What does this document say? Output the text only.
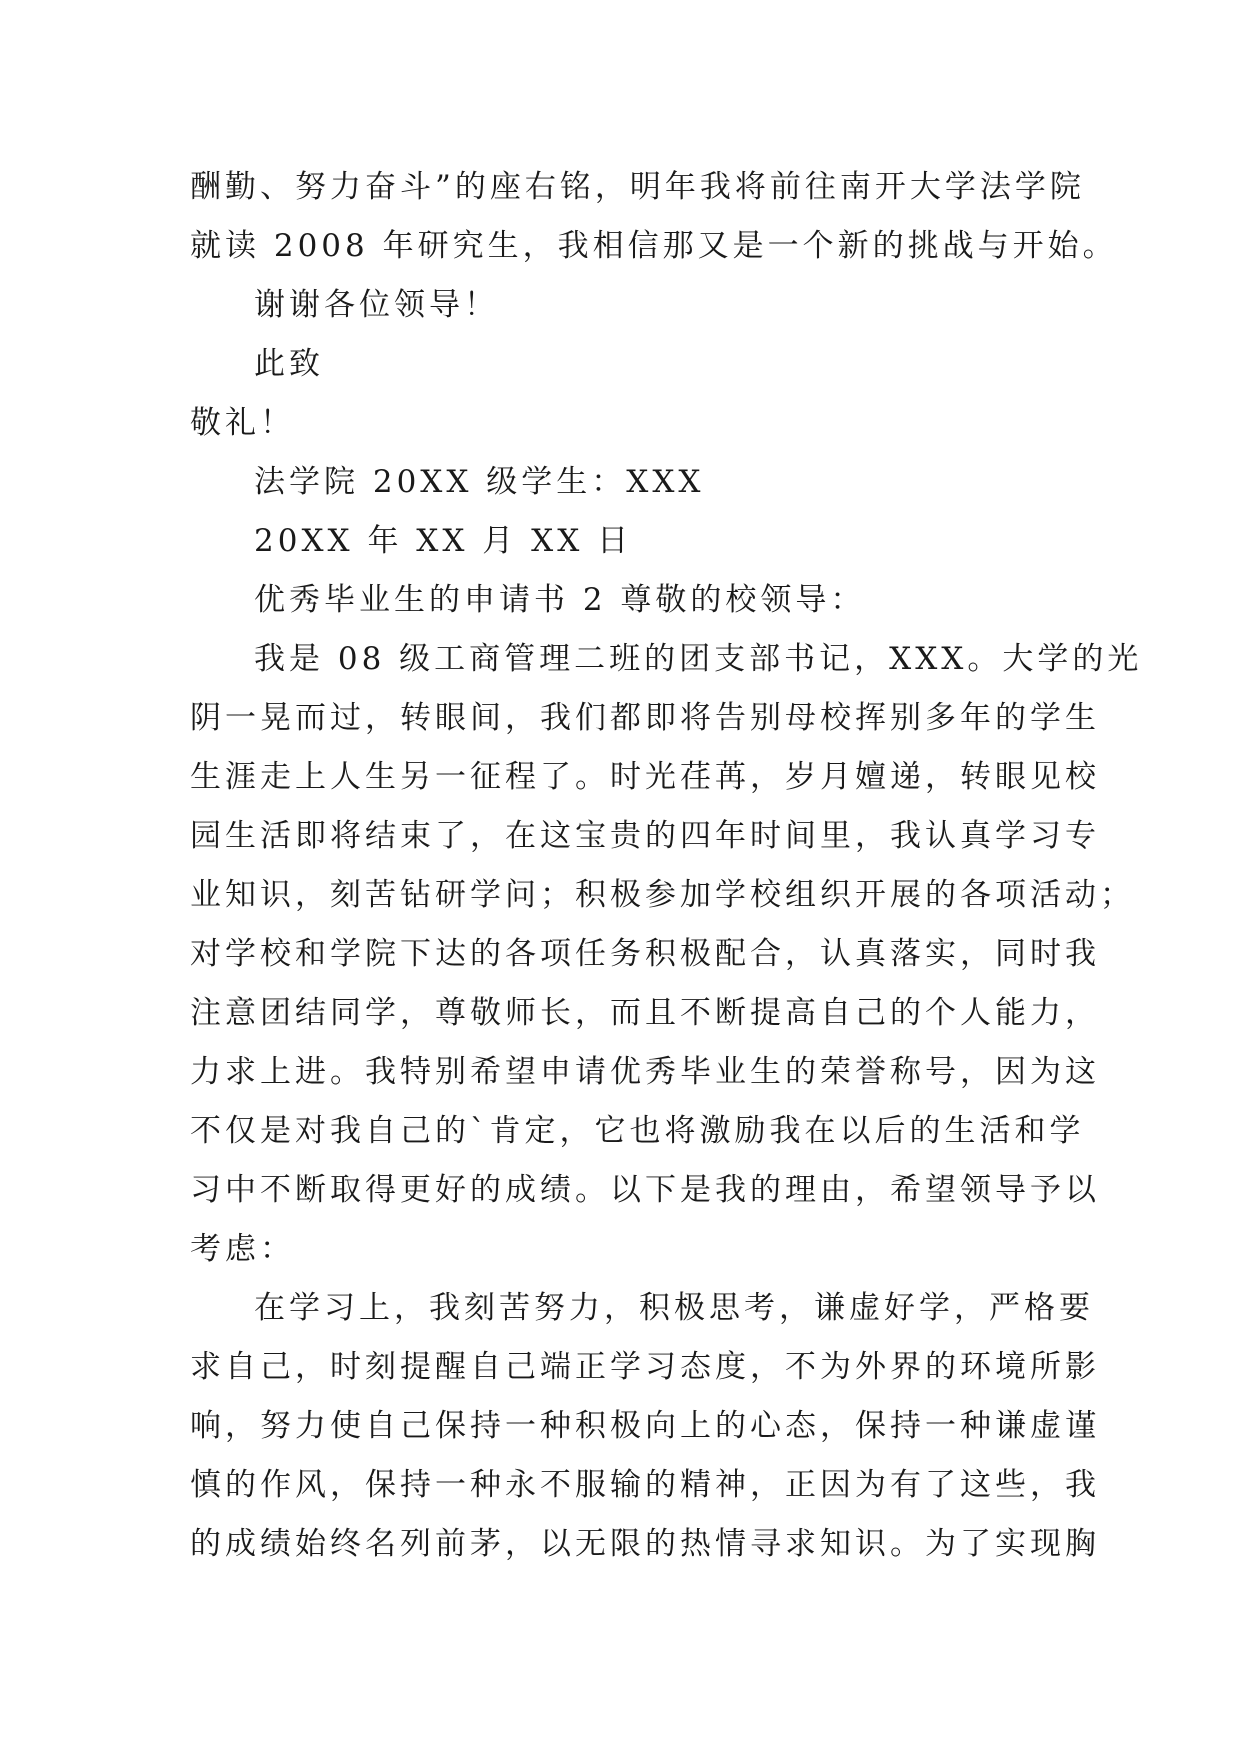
酬勤、努力奋斗”的座右铭，明年我将前往南开大学法学院
就读 2008 年研究生，我相信那又是一个新的挑战与开始。
谢谢各位领导！
此致
敬礼！
法学院 20XX 级学生：XXX
20XX 年 XX 月 XX 日
优秀毕业生的申请书 2 尊敬的校领导：
我是 08 级工商管理二班的团支部书记，XXX。大学的光
阴一晃而过，转眼间，我们都即将告别母校挥别多年的学生
生涯走上人生另一征程了。时光荏苒，岁月嬗递，转眼见校
园生活即将结束了，在这宝贵的四年时间里，我认真学习专
业知识，刻苦钻研学问；积极参加学校组织开展的各项活动；
对学校和学院下达的各项任务积极配合，认真落实，同时我
注意团结同学，尊敬师长，而且不断提高自己的个人能力，
力求上进。我特别希望申请优秀毕业生的荣誉称号，因为这
不仅是对我自己的`肯定，它也将激励我在以后的生活和学
习中不断取得更好的成绩。以下是我的理由，希望领导予以
考虑：
在学习上，我刻苦努力，积极思考，谦虚好学，严格要
求自己，时刻提醒自己端正学习态度，不为外界的环境所影
响，努力使自己保持一种积极向上的心态，保持一种谦虚谨
慎的作风，保持一种永不服输的精神，正因为有了这些，我
的成绩始终名列前茅，以无限的热情寻求知识。为了实现胸
